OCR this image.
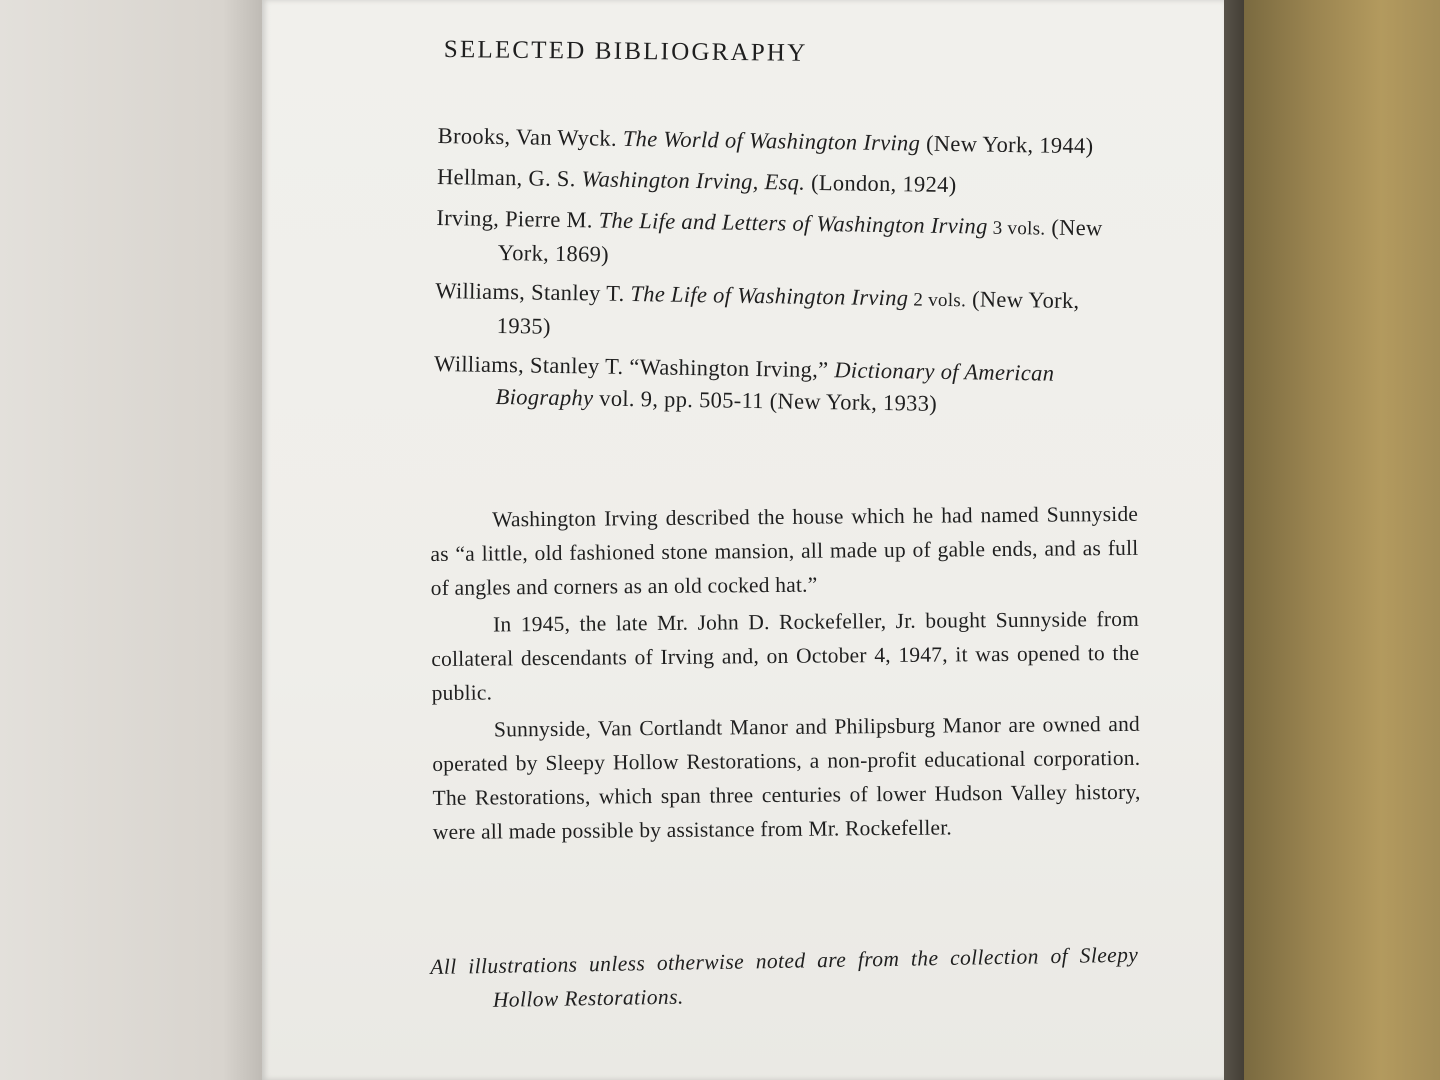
SELECTED BIBLIOGRAPHY
Brooks, Van Wyck. The World of Washington Irving (New York, 1944)
Hellman, G. S. Washington Irving, Esq. (London, 1924)
Irving, Pierre M. The Life and Letters of Washington Irving 3 vols. (New York, 1869)
Williams, Stanley T. The Life of Washington Irving 2 vols. (New York, 1935)
Williams, Stanley T. “Washington Irving,” Dictionary of American Biography vol. 9, pp. 505-11 (New York, 1933)

Washington Irving described the house which he had named Sunnyside as “a little, old fashioned stone mansion, all made up of gable ends, and as full of angles and corners as an old cocked hat.”

In 1945, the late Mr. John D. Rockefeller, Jr. bought Sunnyside from collateral descendants of Irving and, on October 4, 1947, it was opened to the public.

Sunnyside, Van Cortlandt Manor and Philipsburg Manor are owned and operated by Sleepy Hollow Restorations, a non-profit educational corporation. The Restorations, which span three centuries of lower Hudson Valley history, were all made possible by assistance from Mr. Rockefeller.

All illustrations unless otherwise noted are from the collection of Sleepy Hollow Restorations.
